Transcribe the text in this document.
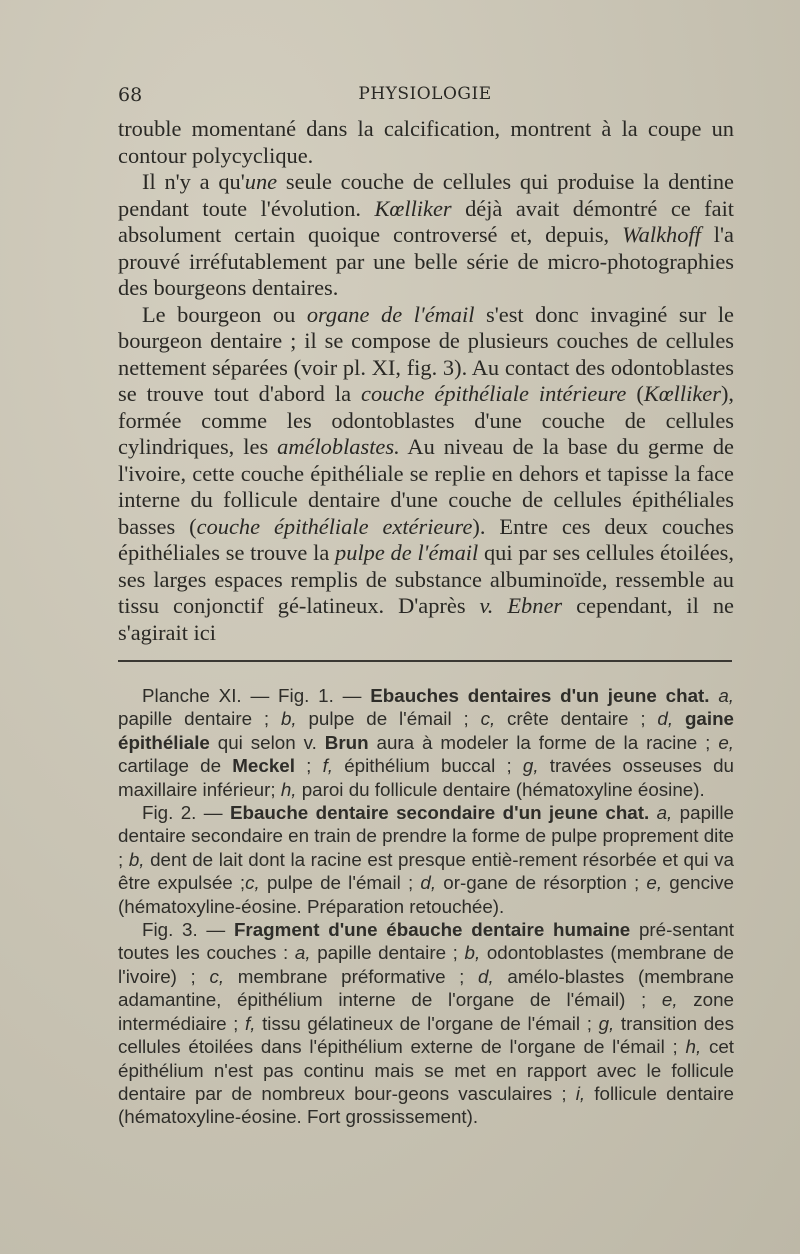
68	PHYSIOLOGIE

trouble momentané dans la calcification, montrent à la coupe un contour polycyclique.

Il n'y a qu'une seule couche de cellules qui produise la dentine pendant toute l'évolution. Kœlliker déjà avait démontré ce fait absolument certain quoique controversé et, depuis, Walkhoff l'a prouvé irréfutablement par une belle série de micro-photographies des bourgeons dentaires.

Le bourgeon ou organe de l'émail s'est donc invaginé sur le bourgeon dentaire ; il se compose de plusieurs couches de cellules nettement séparées (voir pl. XI, fig. 3). Au contact des odontoblastes se trouve tout d'abord la couche épithéliale intérieure (Kœlliker), formée comme les odontoblastes d'une couche de cellules cylindriques, les améloblastes. Au niveau de la base du germe de l'ivoire, cette couche épithéliale se replie en dehors et tapisse la face interne du follicule dentaire d'une couche de cellules épithéliales basses (couche épithéliale extérieure). Entre ces deux couches épithéliales se trouve la pulpe de l'émail qui par ses cellules étoilées, ses larges espaces remplis de substance albuminoïde, ressemble au tissu conjonctif gé-latineux. D'après v. Ebner cependant, il ne s'agirait ici

Planche XI. — Fig. 1. — Ebauches dentaires d'un jeune chat. a, papille dentaire ; b, pulpe de l'émail ; c, crête dentaire ; d, gaine épithéliale qui selon v. Brun aura à modeler la forme de la racine ; e, cartilage de Meckel ; f, épithélium buccal ; g, travées osseuses du maxillaire inférieur; h, paroi du follicule dentaire (hématoxyline éosine).

Fig. 2. — Ebauche dentaire secondaire d'un jeune chat. a, papille dentaire secondaire en train de prendre la forme de pulpe proprement dite ; b, dent de lait dont la racine est presque entiè-rement résorbée et qui va être expulsée ;c, pulpe de l'émail ; d, or-gane de résorption ; e, gencive (hématoxyline-éosine. Préparation retouchée).

Fig. 3. — Fragment d'une ébauche dentaire humaine pré-sentant toutes les couches : a, papille dentaire ; b, odontoblastes (membrane de l'ivoire) ; c, membrane préformative ; d, amélo-blastes (membrane adamantine, épithélium interne de l'organe de l'émail) ; e, zone intermédiaire ; f, tissu gélatineux de l'organe de l'émail ; g, transition des cellules étoilées dans l'épithélium externe de l'organe de l'émail ; h, cet épithélium n'est pas continu mais se met en rapport avec le follicule dentaire par de nombreux bour-geons vasculaires ; i, follicule dentaire (hématoxyline-éosine. Fort grossissement).
